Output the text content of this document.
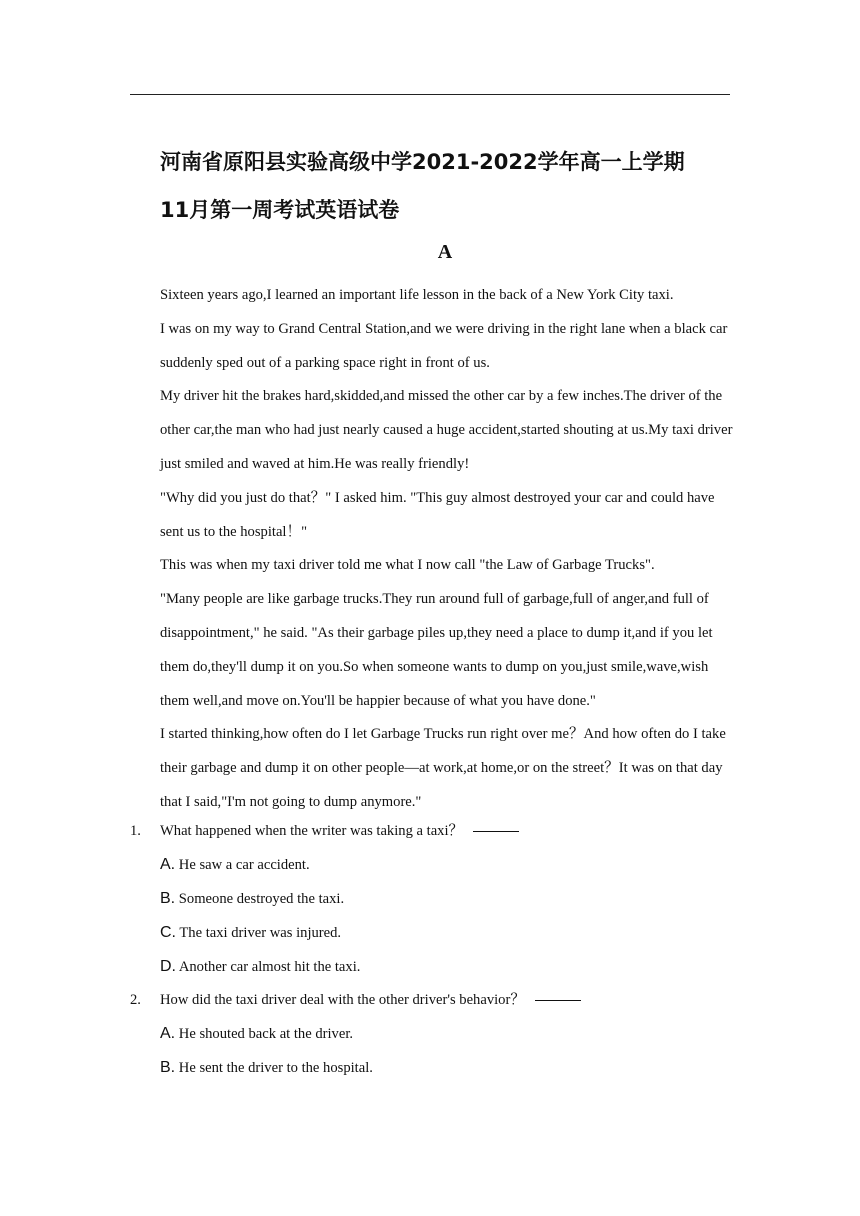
河南省原阳县实验高级中学2021-2022学年高一上学期
11月第一周考试英语试卷
A

Sixteen years ago,I learned an important life lesson in the back of a New York City taxi.

I was on my way to Grand Central Station,and we were driving in the right lane when a black car suddenly sped out of a parking space right in front of us.

My driver hit the brakes hard,skidded,and missed the other car by a few inches.The driver of the other car,the man who had just nearly caused a huge accident,started shouting at us.My taxi driver just smiled and waved at him.He was really friendly!

"Why did you just do that？" I asked him. "This guy almost destroyed your car and could have sent us to the hospital！"

This was when my taxi driver told me what I now call "the Law of Garbage Trucks".

"Many people are like garbage trucks.They run around full of garbage,full of anger,and full of disappointment," he said. "As their garbage piles up,they need a place to dump it,and if you let them do,they'll dump it on you.So when someone wants to dump on you,just smile,wave,wish them well,and move on.You'll be happier because of what you have done."

I started thinking,how often do I let Garbage Trucks run right over me？And how often do I take their garbage and dump it on other people—at work,at home,or on the street？It was on that day that I said,"I'm not going to dump anymore."

1. What happened when the writer was taking a taxi？
A. He saw a car accident.
B. Someone destroyed the taxi.
C. The taxi driver was injured.
D. Another car almost hit the taxi.
2. How did the taxi driver deal with the other driver's behavior？
A. He shouted back at the driver.
B. He sent the driver to the hospital.
